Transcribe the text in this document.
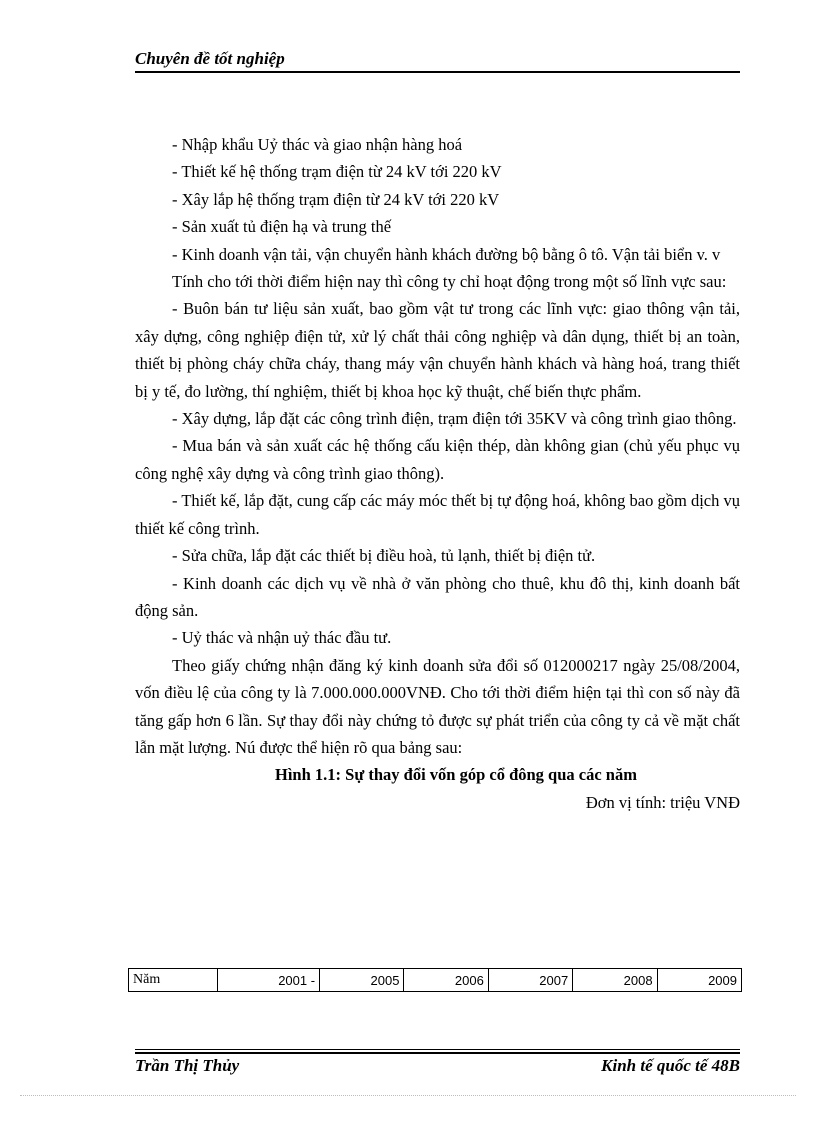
Chuyên đề tốt nghiệp

- Nhập khẩu Uỷ thác và giao nhận hàng hoá

- Thiết kế hệ thống trạm điện từ 24 kV tới 220 kV

- Xây lắp hệ thống trạm điện từ 24 kV tới 220 kV

- Sản xuất tủ điện hạ và trung thế

- Kinh doanh vận tải, vận chuyển hành khách đường bộ bằng ô tô. Vận tải biển v. v

Tính cho tới thời điểm hiện nay thì công ty chỉ hoạt động trong một số lĩnh vực sau:

- Buôn bán tư liệu sản xuất, bao gồm vật tư trong các lĩnh vực: giao thông vận tải, xây dựng, công nghiệp điện tử, xử lý chất thải công nghiệp và dân dụng, thiết bị an toàn, thiết bị phòng cháy chữa cháy, thang máy vận chuyển hành khách và hàng hoá, trang thiết bị y tế, đo lường, thí nghiệm, thiết bị khoa học kỹ thuật, chế biến thực phẩm.

- Xây dựng, lắp đặt các công trình điện, trạm điện tới 35KV và công trình giao thông.

- Mua bán và sản xuất các hệ thống cấu kiện thép, dàn không gian (chủ yếu phục vụ công nghệ xây dựng và công trình giao thông).

- Thiết kế, lắp đặt, cung cấp các máy móc thết bị tự động hoá, không bao gồm dịch vụ thiết kế công trình.

- Sửa chữa, lắp đặt các thiết bị điều hoà, tủ lạnh, thiết bị điện tử.

- Kinh doanh các dịch vụ về nhà ở văn phòng cho thuê, khu đô thị, kinh doanh bất động sản.

- Uỷ thác và nhận uỷ thác đầu tư.

Theo giấy chứng nhận đăng ký kinh doanh sửa đổi số 012000217 ngày 25/08/2004, vốn điều lệ của công ty là 7.000.000.000VNĐ. Cho tới thời điểm hiện tại thì con số này đã tăng gấp hơn 6 lần. Sự thay đổi này chứng tỏ được sự phát triển của công ty cả về mặt chất lẫn mặt lượng. Nú được thể hiện rõ qua bảng sau:

Hình 1.1: Sự thay đổi vốn góp cổ đông qua các năm

Đơn vị tính: triệu VNĐ

Năm	2001 -	2005	2006	2007	2008	2009
Trần Thị Thủy	Kinh tế quốc tế 48B
